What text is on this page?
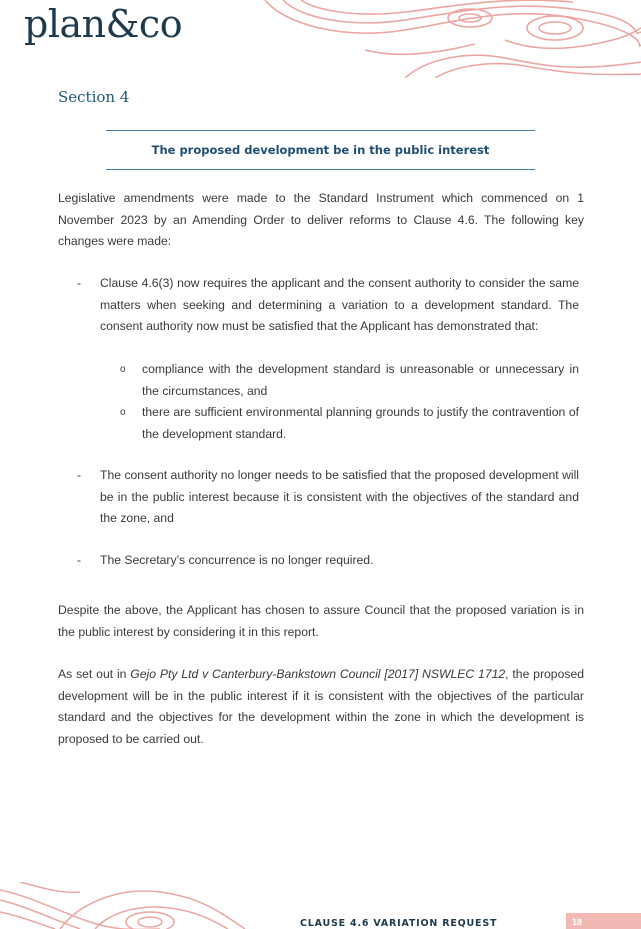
plan&co
Section 4
The proposed development be in the public interest

Legislative amendments were made to the Standard Instrument which commenced on 1 November 2023 by an Amending Order to deliver reforms to Clause 4.6. The following key changes were made:

- Clause 4.6(3) now requires the applicant and the consent authority to consider the same matters when seeking and determining a variation to a development standard. The consent authority now must be satisfied that the Applicant has demonstrated that:

o compliance with the development standard is unreasonable or unnecessary in the circumstances, and

o there are sufficient environmental planning grounds to justify the contravention of the development standard.

- The consent authority no longer needs to be satisfied that the proposed development will be in the public interest because it is consistent with the objectives of the standard and the zone, and

- The Secretary’s concurrence is no longer required.

Despite the above, the Applicant has chosen to assure Council that the proposed variation is in the public interest by considering it in this report.

As set out in Gejo Pty Ltd v Canterbury-Bankstown Council [2017] NSWLEC 1712, the proposed development will be in the public interest if it is consistent with the objectives of the particular standard and the objectives for the development within the zone in which the development is proposed to be carried out.

CLAUSE 4.6 VARIATION REQUEST	18
